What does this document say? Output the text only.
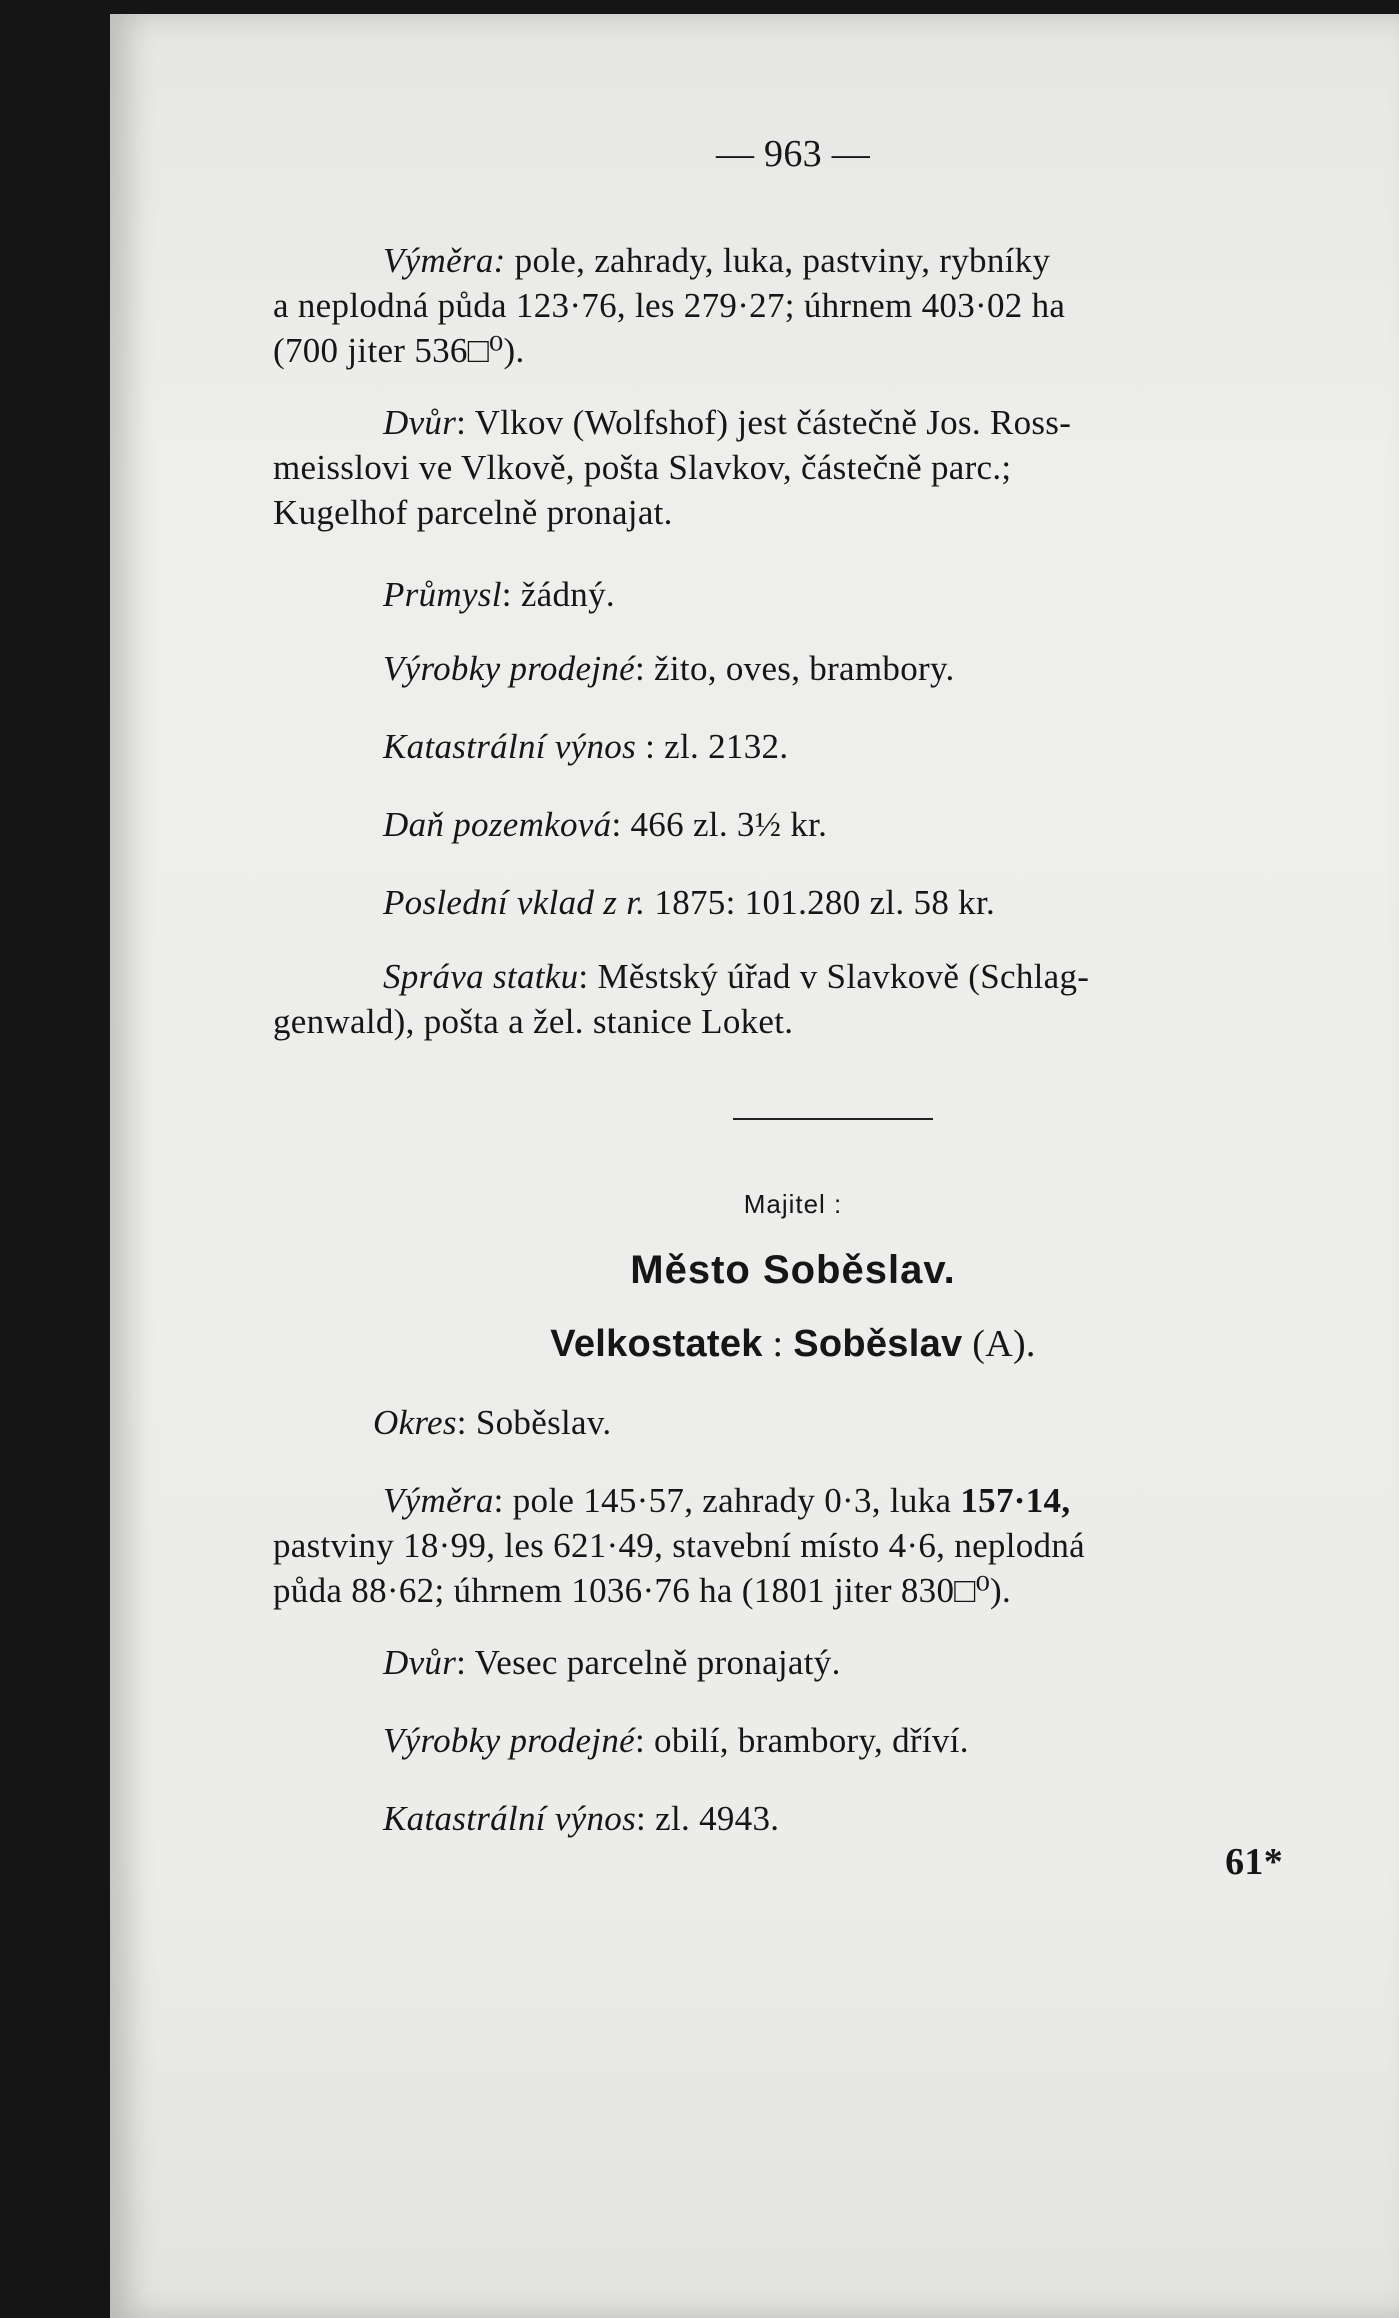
— 963 —
Výměra: pole, zahrady, luka, pastviny, rybníky
a neplodná půda 123·76, les 279·27; úhrnem 403·02 ha
(700 jiter 536□⁰).
Dvůr: Vlkov (Wolfshof) jest částečně Jos. Ross-
meisslovi ve Vlkově, pošta Slavkov, částečně parc.;
Kugelhof parcelně pronajat.
Průmysl: žádný.
Výrobky prodejné: žito, oves, brambory.
Katastrální výnos : zl. 2132.
Daň pozemková: 466 zl. 3½ kr.
Poslední vklad z r. 1875: 101.280 zl. 58 kr.
Správa statku: Městský úřad v Slavkově (Schlag-
genwald), pošta a žel. stanice Loket.
Majitel :
Město Soběslav.
Velkostatek : Soběslav (A).
Okres: Soběslav.
Výměra: pole 145·57, zahrady 0·3, luka 157·14,
pastviny 18·99, les 621·49, stavební místo 4·6, neplodná
půda 88·62; úhrnem 1036·76 ha (1801 jiter 830□⁰).
Dvůr: Vesec parcelně pronajatý.
Výrobky prodejné: obilí, brambory, dříví.
Katastrální výnos: zl. 4943.
61*
